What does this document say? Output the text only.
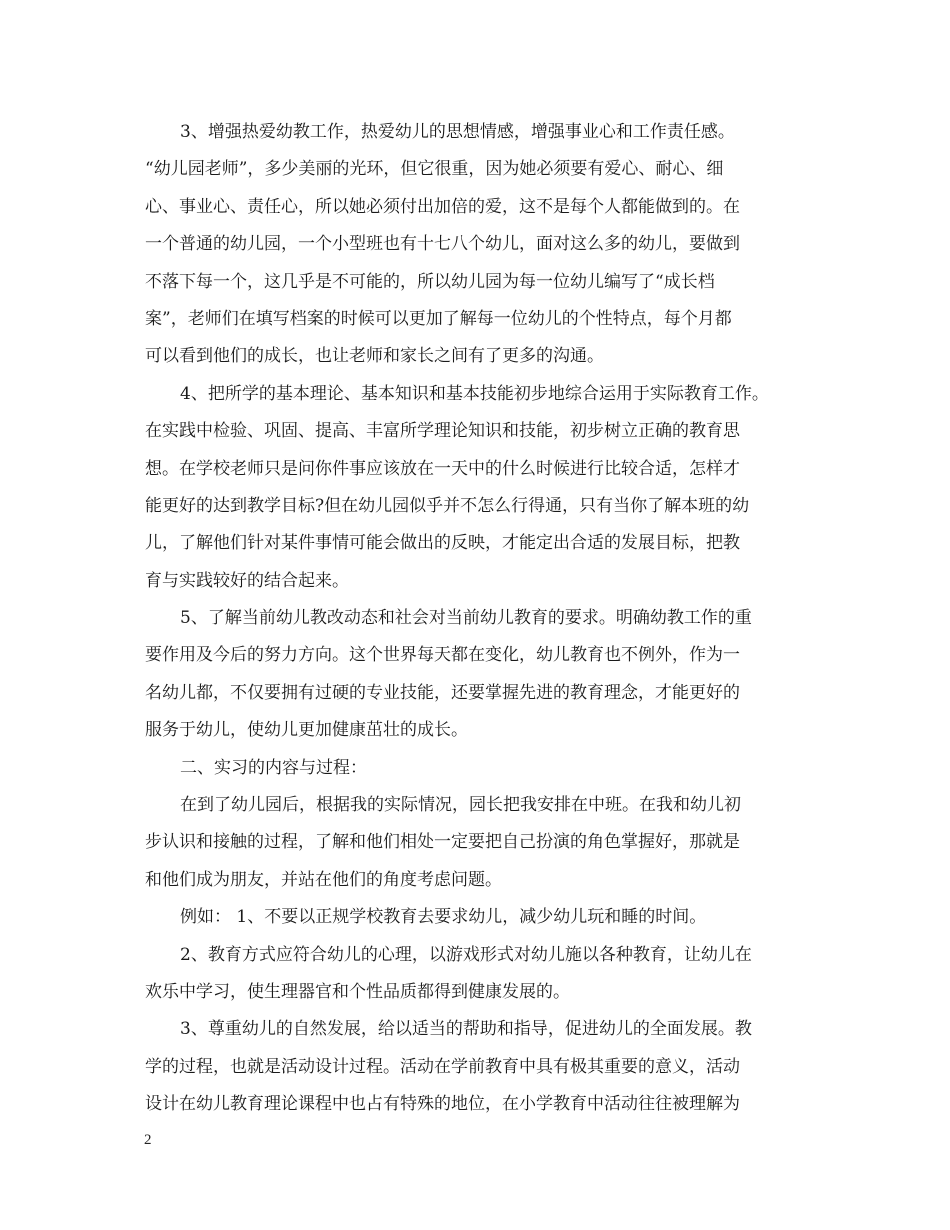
3、增强热爱幼教工作，热爱幼儿的思想情感，增强事业心和工作责任感。
“幼儿园老师”，多少美丽的光环，但它很重，因为她必须要有爱心、耐心、细
心、事业心、责任心，所以她必须付出加倍的爱，这不是每个人都能做到的。在
一个普通的幼儿园，一个小型班也有十七八个幼儿，面对这么多的幼儿，要做到
不落下每一个，这几乎是不可能的，所以幼儿园为每一位幼儿编写了“成长档
案”，老师们在填写档案的时候可以更加了解每一位幼儿的个性特点，每个月都
可以看到他们的成长，也让老师和家长之间有了更多的沟通。
4、把所学的基本理论、基本知识和基本技能初步地综合运用于实际教育工作。
在实践中检验、巩固、提高、丰富所学理论知识和技能，初步树立正确的教育思
想。在学校老师只是问你件事应该放在一天中的什么时候进行比较合适，怎样才
能更好的达到教学目标?但在幼儿园似乎并不怎么行得通，只有当你了解本班的幼
儿，了解他们针对某件事情可能会做出的反映，才能定出合适的发展目标，把教
育与实践较好的结合起来。
5、了解当前幼儿教改动态和社会对当前幼儿教育的要求。明确幼教工作的重
要作用及今后的努力方向。这个世界每天都在变化，幼儿教育也不例外，作为一
名幼儿都，不仅要拥有过硬的专业技能，还要掌握先进的教育理念，才能更好的
服务于幼儿，使幼儿更加健康茁壮的成长。
二、实习的内容与过程：
在到了幼儿园后，根据我的实际情况，园长把我安排在中班。在我和幼儿初
步认识和接触的过程，了解和他们相处一定要把自己扮演的角色掌握好，那就是
和他们成为朋友，并站在他们的角度考虑问题。
例如： 1、不要以正规学校教育去要求幼儿，减少幼儿玩和睡的时间。
2、教育方式应符合幼儿的心理，以游戏形式对幼儿施以各种教育，让幼儿在
欢乐中学习，使生理器官和个性品质都得到健康发展的。
3、尊重幼儿的自然发展，给以适当的帮助和指导，促进幼儿的全面发展。教
学的过程，也就是活动设计过程。活动在学前教育中具有极其重要的意义，活动
设计在幼儿教育理论课程中也占有特殊的地位，在小学教育中活动往往被理解为
2
